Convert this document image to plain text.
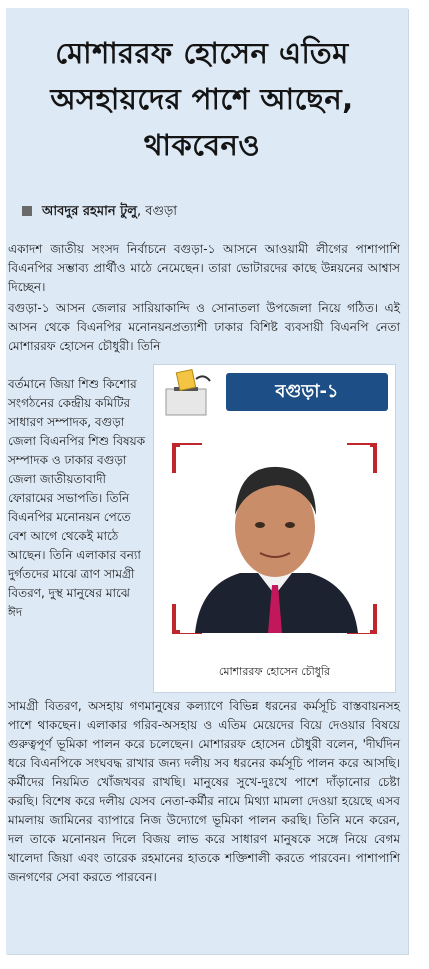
মোশাররফ হোসেন এতিম অসহায়দের পাশে আছেন, থাকবেনও
আবদুর রহমান টুলু, বগুড়া

একাদশ জাতীয় সংসদ নির্বাচনে বগুড়া-১ আসনে আওয়ামী লীগের পাশাপাশি বিএনপির সম্ভাব্য প্রার্থীও মাঠে নেমেছেন। তারা ভোটারদের কাছে উন্নয়নের আশ্বাস দিচ্ছেন।

বগুড়া-১ আসন জেলার সারিয়াকান্দি ও সোনাতলা উপজেলা নিয়ে গঠিত। এই আসন থেকে বিএনপির মনোনয়নপ্রত্যাশী ঢাকার বিশিষ্ট ব্যবসায়ী বিএনপি নেতা মোশাররফ হোসেন চৌধুরী। তিনি

বর্তমানে জিয়া শিশু কিশোর সংগঠনের কেন্দ্রীয় কমিটির সাধারণ সম্পাদক, বগুড়া জেলা বিএনপির শিশু বিষয়ক সম্পাদক ও ঢাকার বগুড়া জেলা জাতীয়তাবাদী ফোরামের সভাপতি। তিনি বিএনপির মনোনয়ন পেতে বেশ আগে থেকেই মাঠে আছেন। তিনি এলাকার বন্যা দুর্গতদের মাঝে ত্রাণ সামগ্রী বিতরণ, দুস্থ মানুষের মাঝে ঈদ

বগুড়া-১
মোশাররফ হোসেন চৌধুরি

সামগ্রী বিতরণ, অসহায় গণমানুষের কল্যাণে বিভিন্ন ধরনের কর্মসূচি বাস্তবায়নসহ পাশে থাকছেন। এলাকার গরিব-অসহায় ও এতিম মেয়েদের বিয়ে দেওয়ার বিষয়ে গুরুত্বপূর্ণ ভূমিকা পালন করে চলেছেন। মোশাররফ হোসেন চৌধুরী বলেন, 'দীর্ঘদিন ধরে বিএনপিকে সংঘবদ্ধ রাখার জন্য দলীয় সব ধরনের কর্মসূচি পালন করে আসছি। কর্মীদের নিয়মিত খোঁজখবর রাখছি। মানুষের সুখে-দুঃখে পাশে দাঁড়ানোর চেষ্টা করছি। বিশেষ করে দলীয় যেসব নেতা-কর্মীর নামে মিথ্যা মামলা দেওয়া হয়েছে এসব মামলায় জামিনের ব্যাপারে নিজ উদ্যোগে ভূমিকা পালন করছি। তিনি মনে করেন, দল তাকে মনোনয়ন দিলে বিজয় লাভ করে সাধারণ মানুষকে সঙ্গে নিয়ে বেগম খালেদা জিয়া এবং তারেক রহমানের হাতকে শক্তিশালী করতে পারবেন। পাশাপাশি জনগণের সেবা করতে পারবেন।
